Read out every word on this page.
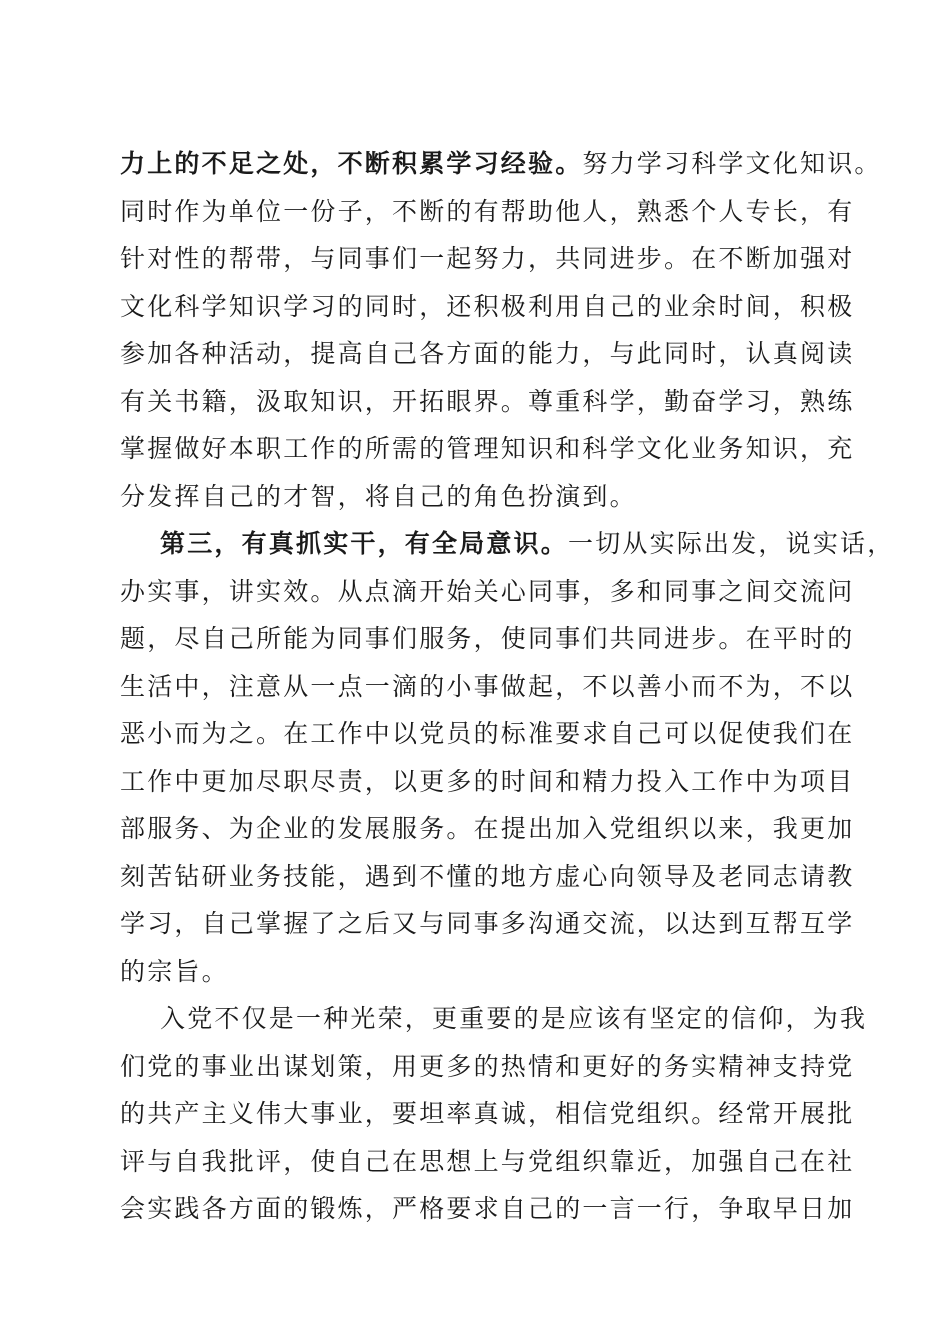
力上的不足之处，不断积累学习经验。努力学习科学文化知识。
同时作为单位一份子，不断的有帮助他人，熟悉个人专长，有
针对性的帮带，与同事们一起努力，共同进步。在不断加强对
文化科学知识学习的同时，还积极利用自己的业余时间，积极
参加各种活动，提高自己各方面的能力，与此同时，认真阅读
有关书籍，汲取知识，开拓眼界。尊重科学，勤奋学习，熟练
掌握做好本职工作的所需的管理知识和科学文化业务知识，充
分发挥自己的才智，将自己的角色扮演到。
第三，有真抓实干，有全局意识。一切从实际出发，说实话，
办实事，讲实效。从点滴开始关心同事，多和同事之间交流问
题，尽自己所能为同事们服务，使同事们共同进步。在平时的
生活中，注意从一点一滴的小事做起，不以善小而不为，不以
恶小而为之。在工作中以党员的标准要求自己可以促使我们在
工作中更加尽职尽责，以更多的时间和精力投入工作中为项目
部服务、为企业的发展服务。在提出加入党组织以来，我更加
刻苦钻研业务技能，遇到不懂的地方虚心向领导及老同志请教
学习，自己掌握了之后又与同事多沟通交流，以达到互帮互学
的宗旨。
入党不仅是一种光荣，更重要的是应该有坚定的信仰，为我
们党的事业出谋划策，用更多的热情和更好的务实精神支持党
的共产主义伟大事业，要坦率真诚，相信党组织。经常开展批
评与自我批评，使自己在思想上与党组织靠近，加强自己在社
会实践各方面的锻炼，严格要求自己的一言一行，争取早日加
